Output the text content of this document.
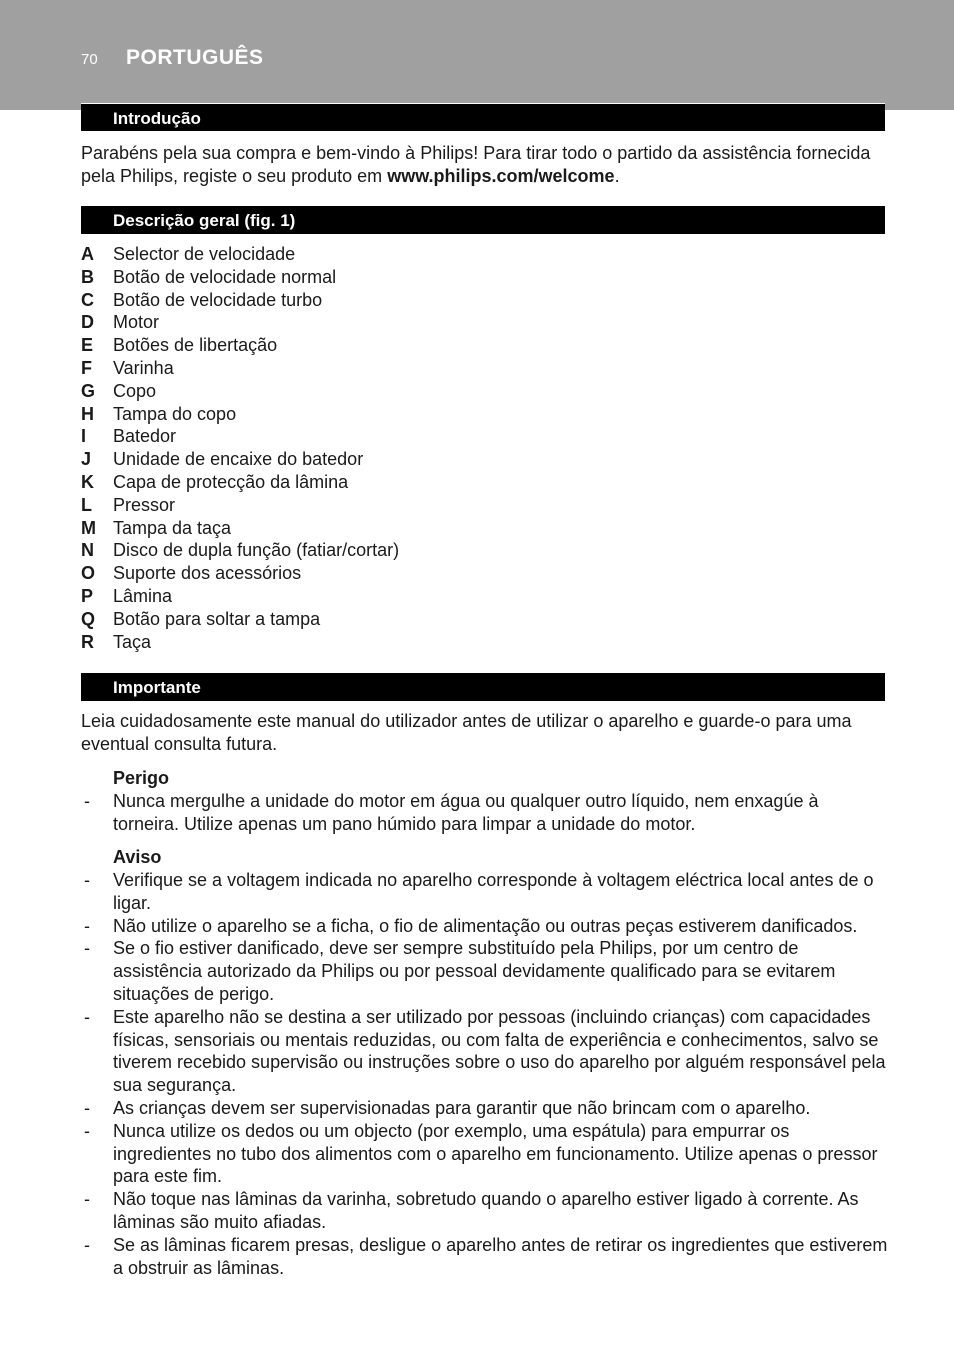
70 PORTUGUÊS
Introdução

Parabéns pela sua compra e bem-vindo à Philips! Para tirar todo o partido da assistência fornecida pela Philips, registe o seu produto em www.philips.com/welcome.

Descrição geral (fig. 1)
A	Selector de velocidade
B	Botão de velocidade normal
C	Botão de velocidade turbo
D	Motor
E	Botões de libertação
F	Varinha
G Copo
H	Tampa do copo
I	Batedor
J	Unidade de encaixe do batedor
K	Capa de protecção da lâmina
L	Pressor
M Tampa da taça
N	Disco de dupla função (fatiar/cortar)
O Suporte dos acessórios
P	Lâmina
Q Botão para soltar a tampa
R	Taça
Importante

Leia cuidadosamente este manual do utilizador antes de utilizar o aparelho e guarde-o para uma eventual consulta futura.

Perigo
-	Nunca mergulhe a unidade do motor em água ou qualquer outro líquido, nem enxagúe à torneira. Utilize apenas um pano húmido para limpar a unidade do motor.
Aviso
-	Verifique se a voltagem indicada no aparelho corresponde à voltagem eléctrica local antes de o ligar.
-	Não utilize o aparelho se a ficha, o fio de alimentação ou outras peças estiverem danificados.
-	Se o fio estiver danificado, deve ser sempre substituído pela Philips, por um centro de assistência autorizado da Philips ou por pessoal devidamente qualificado para se evitarem situações de perigo.
-	Este aparelho não se destina a ser utilizado por pessoas (incluindo crianças) com capacidades físicas, sensoriais ou mentais reduzidas, ou com falta de experiência e conhecimentos, salvo se tiverem recebido supervisão ou instruções sobre o uso do aparelho por alguém responsável pela sua segurança.
-	As crianças devem ser supervisionadas para garantir que não brincam com o aparelho.
-	Nunca utilize os dedos ou um objecto (por exemplo, uma espátula) para empurrar os ingredientes no tubo dos alimentos com o aparelho em funcionamento. Utilize apenas o pressor para este fim.
-	Não toque nas lâminas da varinha, sobretudo quando o aparelho estiver ligado à corrente. As lâminas são muito afiadas.
-	Se as lâminas ficarem presas, desligue o aparelho antes de retirar os ingredientes que estiverem a obstruir as lâminas.
